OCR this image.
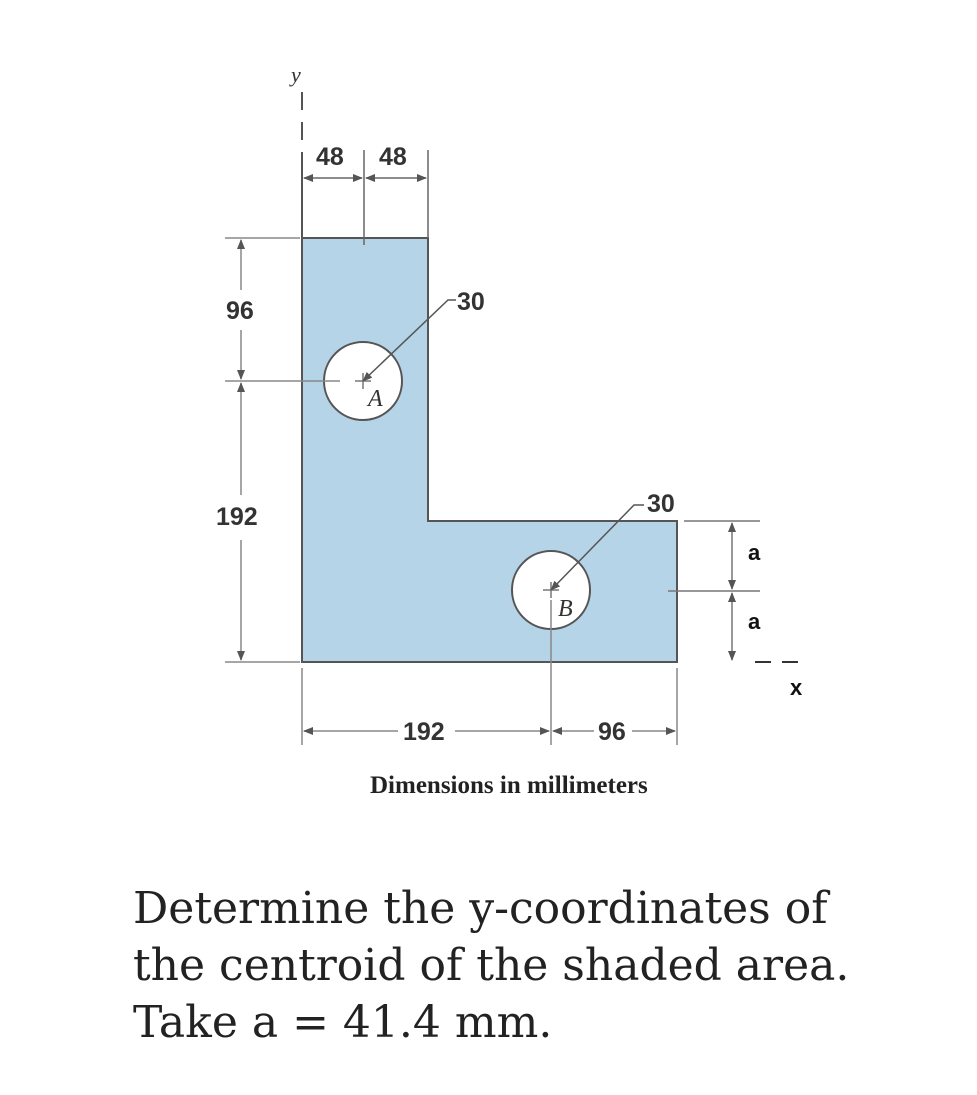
y
48 48
96
192
30
30
A
B
a
a
x
192	96
Dimensions in millimeters

Determine the y-coordinates of
the centroid of the shaded area.
Take a = 41.4 mm.
